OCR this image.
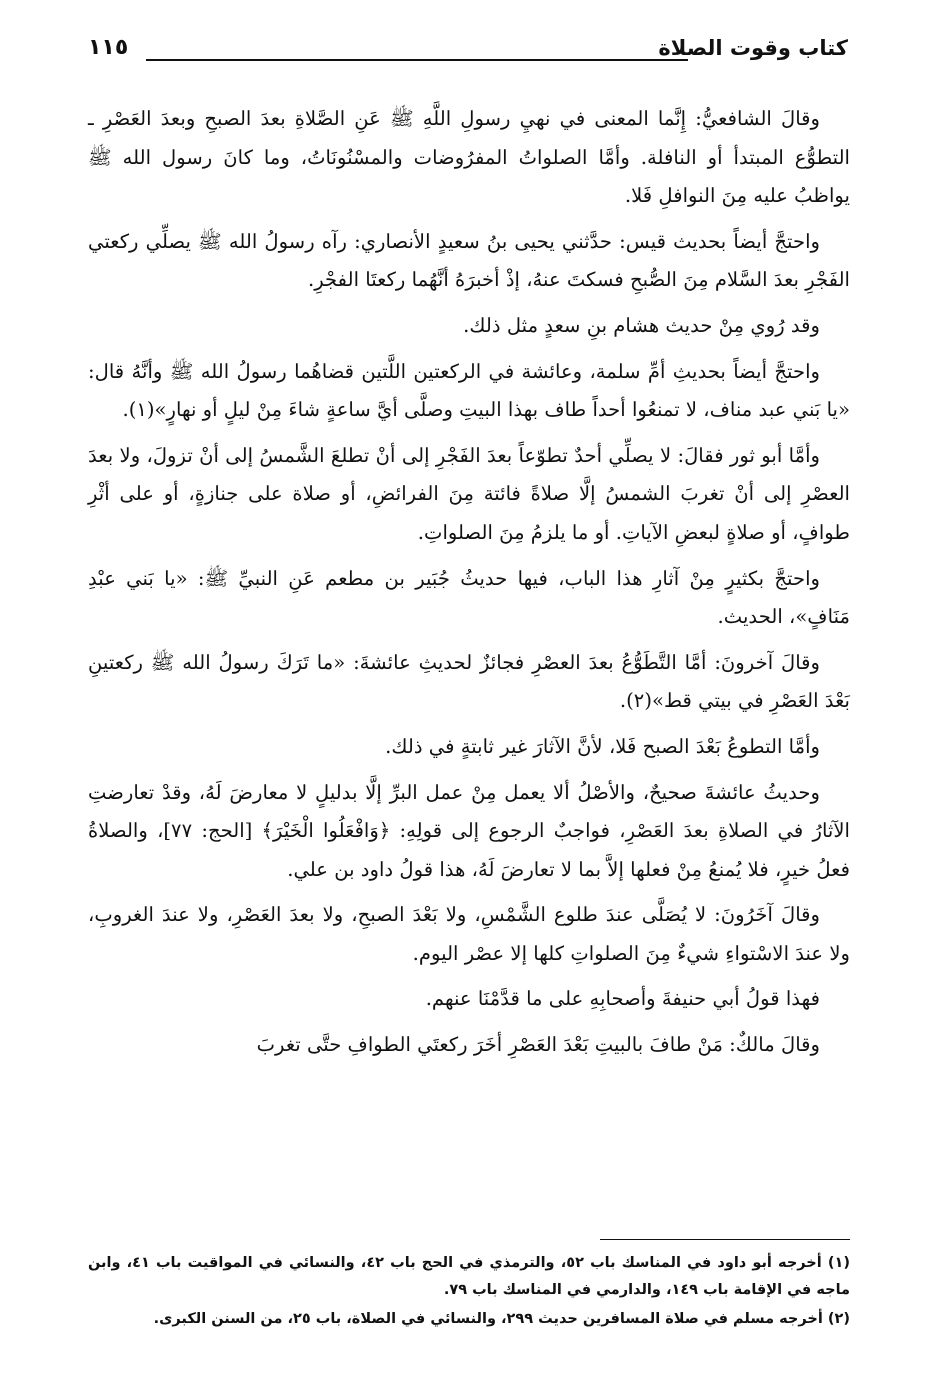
كتاب وقوت الصلاة
١١٥

وقالَ الشافعيُّ: إِنَّما المعنى في نهيِ رسولِ اللَّهِ ﷺ عَنِ الصَّلاةِ بعدَ الصبحِ وبعدَ العَصْرِ ـ التطوُّع المبتدأ أو النافلة. وأمَّا الصلواتُ المفرُوضات والمسْنُونَاتُ، وما كانَ رسول الله ﷺ يواظبُ عليه مِنَ النوافلِ فَلا.

واحتجَّ أيضاً بحديث قيس: حدَّثني يحيى بنُ سعيدٍ الأنصاري: رآه رسولُ الله ﷺ يصلِّي ركعتي الفَجْرِ بعدَ السَّلام مِنَ الصُّبحِ فسكتَ عنهُ، إذْ أخبرَهُ أنَّهُما ركعتَا الفجْرِ.

وقد رُوي مِنْ حديث هشام بنِ سعدٍ مثل ذلك.

واحتجَّ أيضاً بحديثِ أمِّ سلمة، وعائشة في الركعتين اللَّتين قضاهُما رسولُ الله ﷺ وأنَّهُ قال: «يا بَني عبد مناف، لا تمنعُوا أحداً طاف بهذا البيتِ وصلَّى أيَّ ساعةٍ شاءَ مِنْ ليلٍ أو نهارٍ»(١).

وأمَّا أبو ثور فقالَ: لا يصلِّي أحدٌ تطوّعاً بعدَ الفَجْرِ إلى أنْ تطلعَ الشَّمسُ إلى أنْ تزولَ، ولا بعدَ العصْرِ إلى أنْ تغربَ الشمسُ إلَّا صلاةً فائتة مِنَ الفرائضِ، أو صلاة على جنازةٍ، أو على أثْرِ طوافٍ، أو صلاةٍ لبعضِ الآياتِ. أو ما يلزمُ مِنَ الصلواتِ.

واحتجَّ بكثيرٍ مِنْ آثارِ هذا الباب، فيها حديثُ جُبَير بن مطعم عَنِ النبيِّ ﷺ: «يا بَني عبْدِ مَنَافٍ»، الحديث.

وقالَ آخرونَ: أمَّا التَّطَوُّعُ بعدَ العصْرِ فجائزٌ لحديثِ عائشةَ: «ما تَرَكَ رسولُ الله ﷺ ركعتينِ بَعْدَ العَصْرِ في بيتي قط»(٢).

وأمَّا التطوعُ بَعْدَ الصبح فَلا، لأنَّ الآثارَ غير ثابتةٍ في ذلك.

وحديثُ عائشةَ صحيحٌ، والأصْلُ ألا يعمل مِنْ عمل البرِّ إلَّا بدليلٍ لا معارضَ لَهُ، وقدْ تعارضتِ الآثارُ في الصلاةِ بعدَ العَصْرِ، فواجبٌ الرجوع إلى قولِهِ: ﴿وَافْعَلُوا الْخَيْرَ﴾ [الحج: ٧٧]، والصلاةُ فعلُ خيرٍ، فلا يُمنعُ مِنْ فعلها إلاَّ بما لا تعارضَ لَهُ، هذا قولُ داود بن علي.

وقالَ آخَرُونَ: لا يُصَلَّى عندَ طلوع الشَّمْسِ، ولا بَعْدَ الصبحِ، ولا بعدَ العَصْرِ، ولا عندَ الغروبِ، ولا عندَ الاسْتواءِ شيءٌ مِنَ الصلواتِ كلها إلا عصْر اليوم.

فهذا قولُ أبي حنيفةَ وأصحابِهِ على ما قدَّمْنَا عنهم.

وقالَ مالكٌ: مَنْ طافَ بالبيتِ بَعْدَ العَصْرِ أخَرَ ركعتَي الطوافِ حتَّى تغربَ

(١) أخرجه أبو داود في المناسك باب ٥٢، والترمذي في الحج باب ٤٢، والنسائي في المواقيت باب ٤١، وابن ماجه في الإقامة باب ١٤٩، والدارمي في المناسك باب ٧٩.

(٢) أخرجه مسلم في صلاة المسافرين حديث ٢٩٩، والنسائي في الصلاة، باب ٢٥، من السنن الكبرى.
